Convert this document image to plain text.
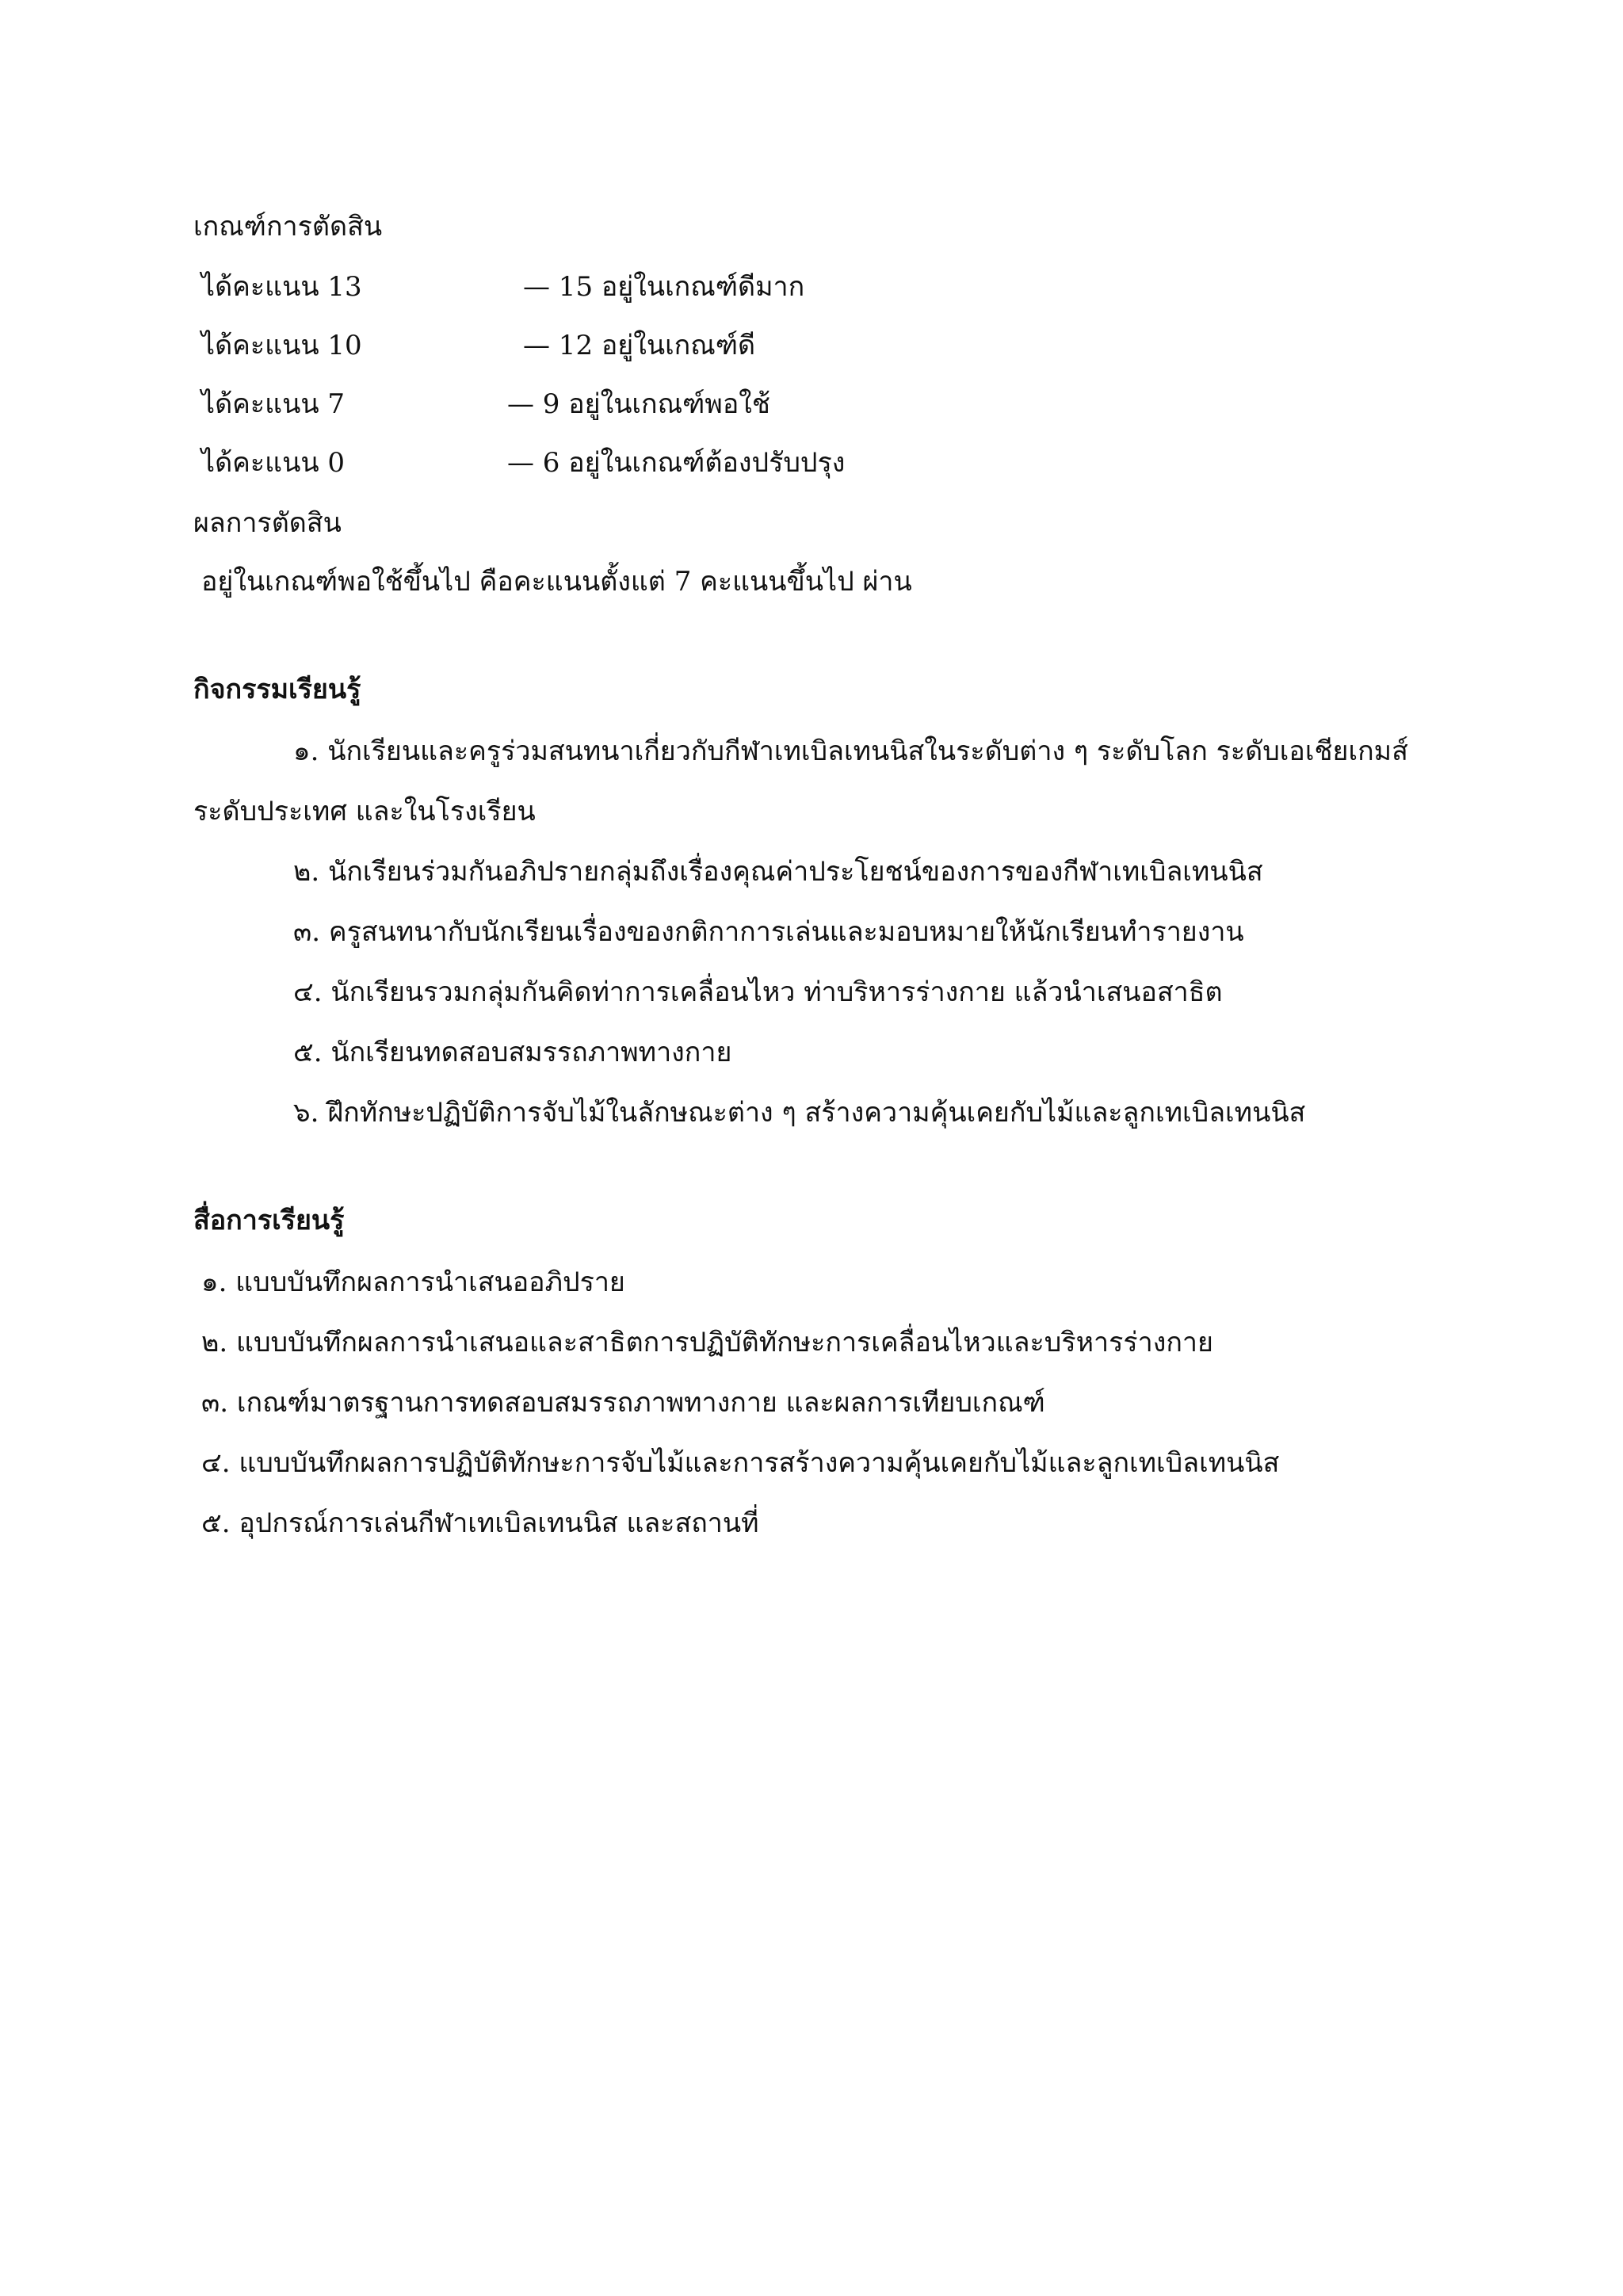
เกณฑ์การตัดสิน
ได้คะแนน 13	— 15 อยู่ในเกณฑ์ดีมาก
ได้คะแนน 10	— 12 อยู่ในเกณฑ์ดี
ได้คะแนน 7	— 9 อยู่ในเกณฑ์พอใช้
ได้คะแนน 0	— 6 อยู่ในเกณฑ์ต้องปรับปรุง
ผลการตัดสิน
อยู่ในเกณฑ์พอใช้ขึ้นไป คือคะแนนตั้งแต่ 7 คะแนนขึ้นไป ผ่าน
กิจกรรมเรียนรู้
๑. นักเรียนและครูร่วมสนทนาเกี่ยวกับกีฬาเทเบิลเทนนิสในระดับต่าง ๆ ระดับโลก ระดับเอเชียเกมส์
ระดับประเทศ และในโรงเรียน
๒. นักเรียนร่วมกันอภิปรายกลุ่มถึงเรื่องคุณค่าประโยชน์ของการของกีฬาเทเบิลเทนนิส
๓. ครูสนทนากับนักเรียนเรื่องของกติกาการเล่นและมอบหมายให้นักเรียนทำรายงาน
๔. นักเรียนรวมกลุ่มกันคิดท่าการเคลื่อนไหว ท่าบริหารร่างกาย แล้วนำเสนอสาธิต
๕. นักเรียนทดสอบสมรรถภาพทางกาย
๖. ฝึกทักษะปฏิบัติการจับไม้ในลักษณะต่าง ๆ สร้างความคุ้นเคยกับไม้และลูกเทเบิลเทนนิส
สื่อการเรียนรู้
๑. แบบบันทึกผลการนำเสนออภิปราย
๒. แบบบันทึกผลการนำเสนอและสาธิตการปฏิบัติทักษะการเคลื่อนไหวและบริหารร่างกาย
๓. เกณฑ์มาตรฐานการทดสอบสมรรถภาพทางกาย และผลการเทียบเกณฑ์
๔. แบบบันทึกผลการปฏิบัติทักษะการจับไม้และการสร้างความคุ้นเคยกับไม้และลูกเทเบิลเทนนิส
๕. อุปกรณ์การเล่นกีฬาเทเบิลเทนนิส และสถานที่
